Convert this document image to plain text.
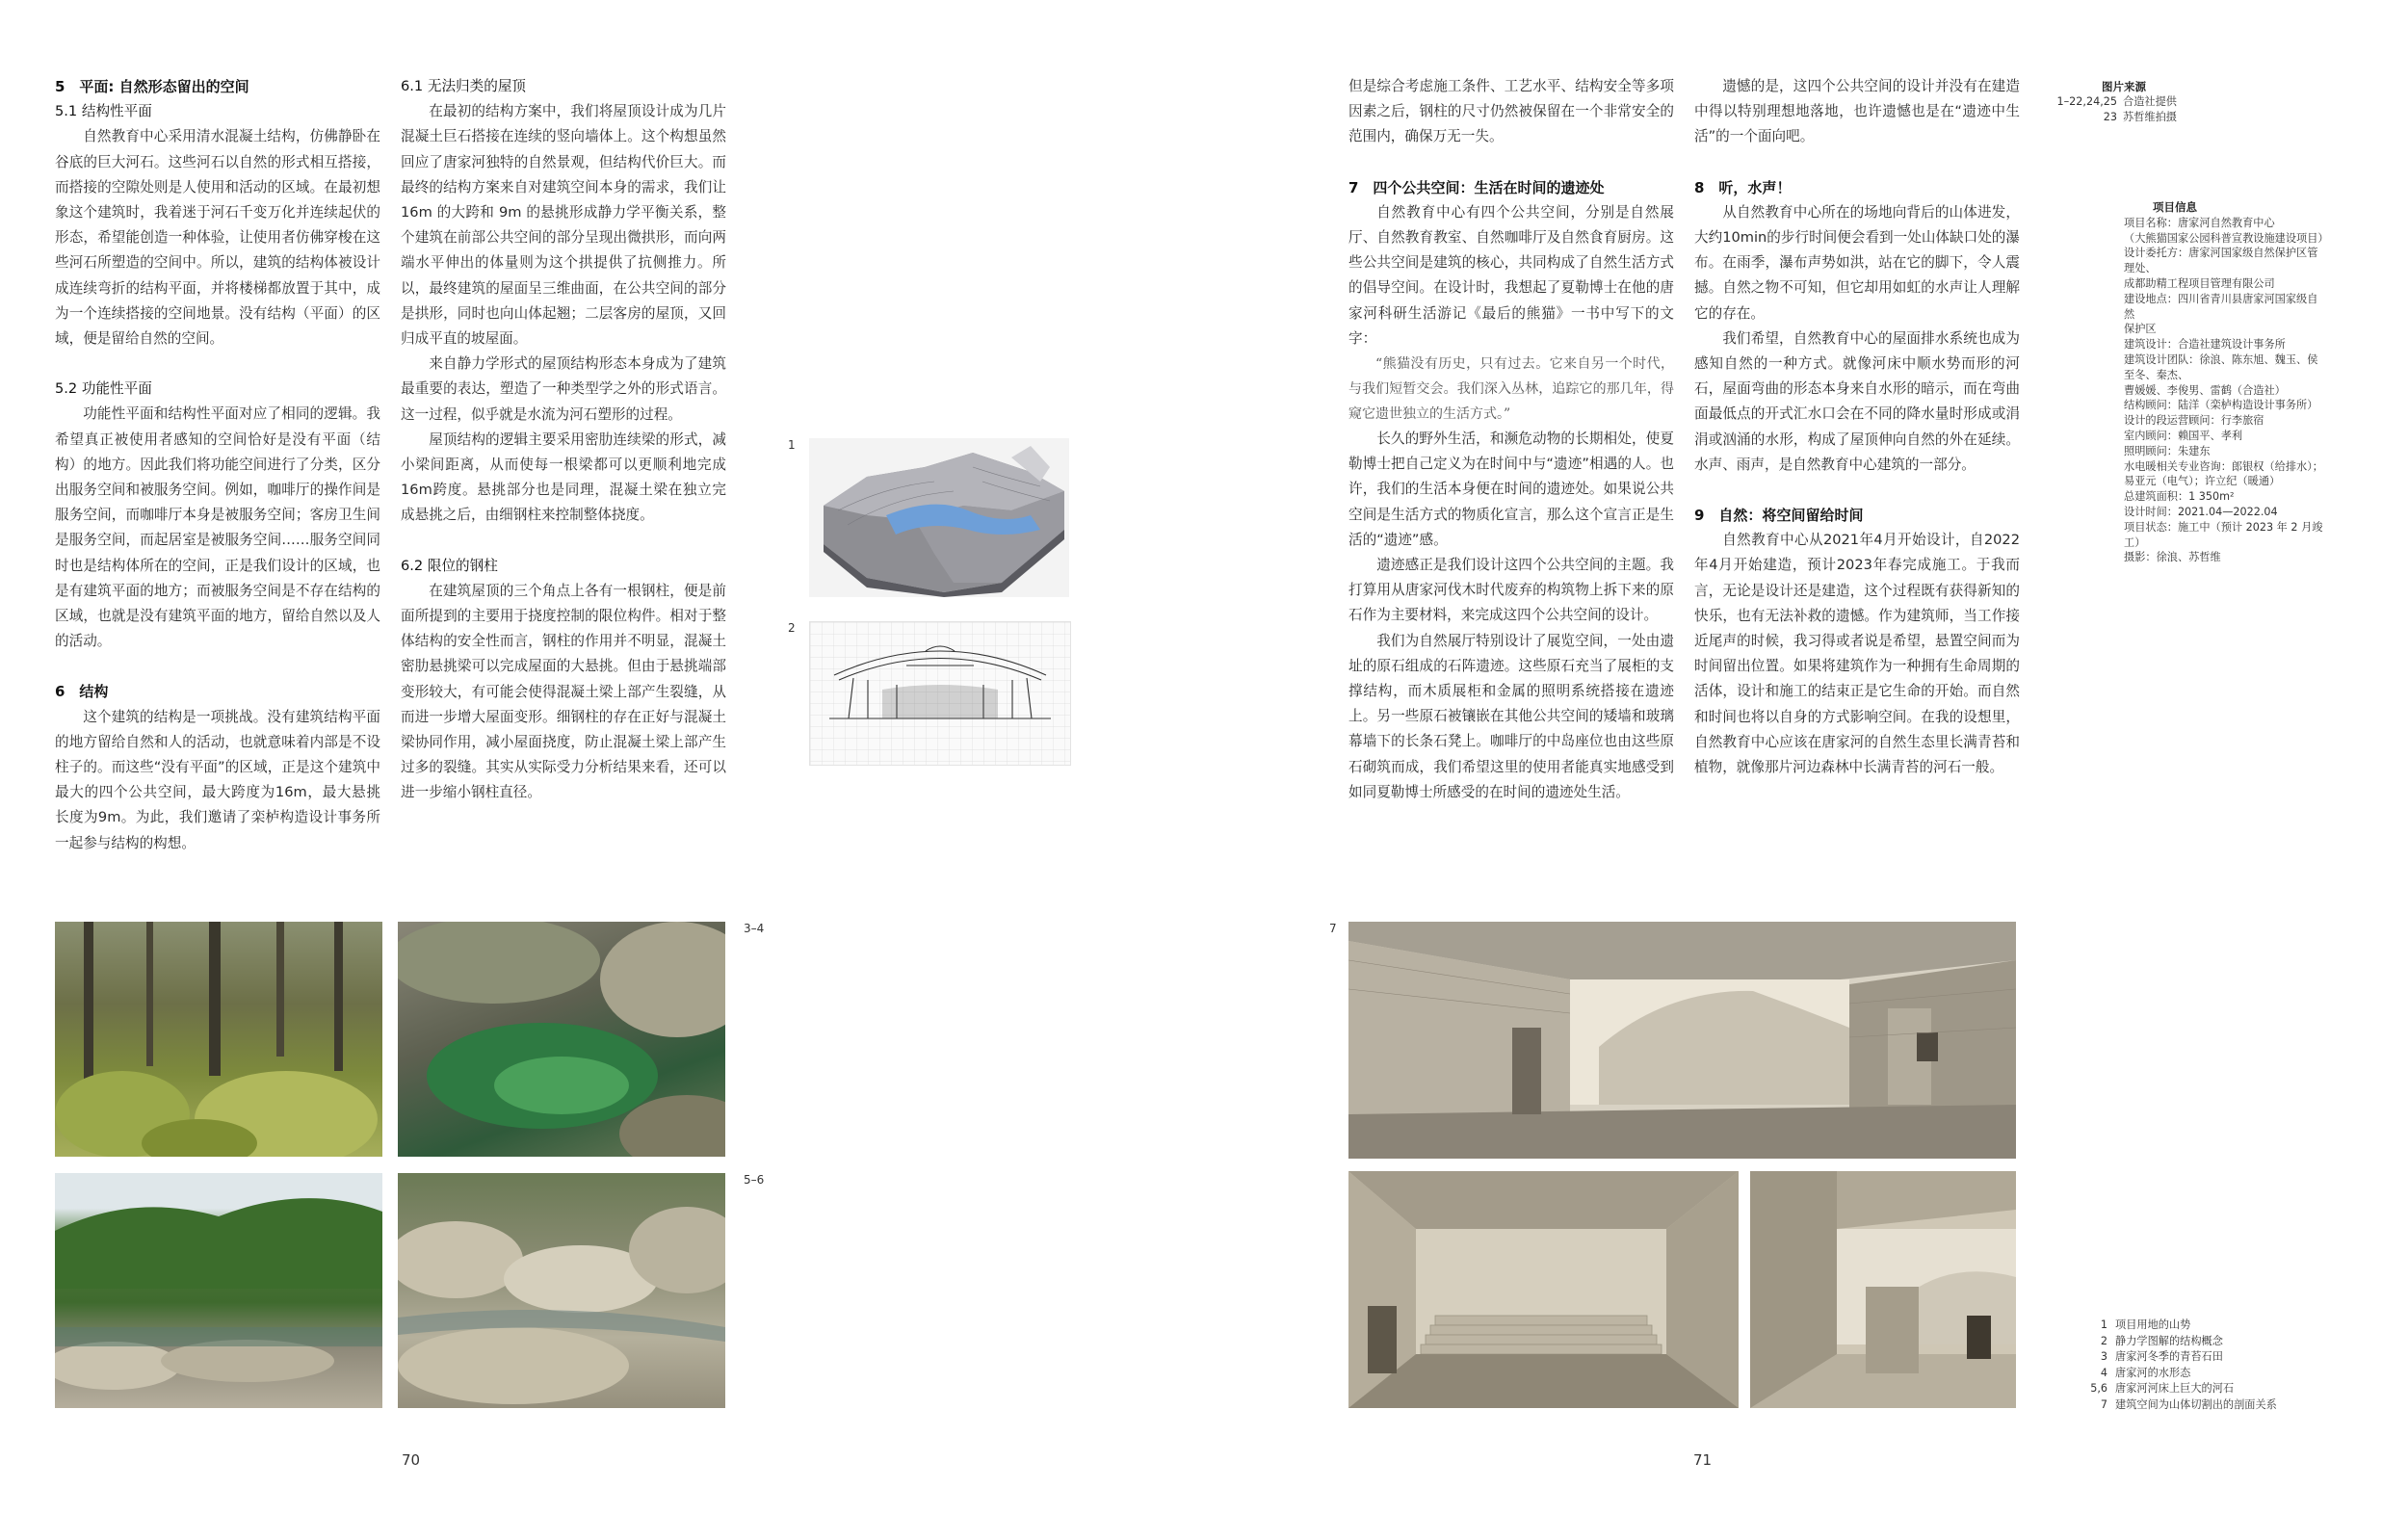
5　平面: 自然形态留出的空间
5.1 结构性平面

自然教育中心采用清水混凝土结构，仿佛静卧在谷底的巨大河石。这些河石以自然的形式相互搭接，而搭接的空隙处则是人使用和活动的区域。在最初想象这个建筑时，我着迷于河石千变万化并连续起伏的形态，希望能创造一种体验，让使用者仿佛穿梭在这些河石所塑造的空间中。所以，建筑的结构体被设计成连续弯折的结构平面，并将楼梯都放置于其中，成为一个连续搭接的空间地景。没有结构（平面）的区域，便是留给自然的空间。

5.2 功能性平面

功能性平面和结构性平面对应了相同的逻辑。我希望真正被使用者感知的空间恰好是没有平面（结构）的地方。因此我们将功能空间进行了分类，区分出服务空间和被服务空间。例如，咖啡厅的操作间是服务空间，而咖啡厅本身是被服务空间；客房卫生间是服务空间，而起居室是被服务空间……服务空间同时也是结构体所在的空间，正是我们设计的区域，也是有建筑平面的地方；而被服务空间是不存在结构的区域，也就是没有建筑平面的地方，留给自然以及人的活动。

6　结构

这个建筑的结构是一项挑战。没有建筑结构平面的地方留给自然和人的活动，也就意味着内部是不设柱子的。而这些“没有平面”的区域，正是这个建筑中最大的四个公共空间，最大跨度为16m，最大悬挑长度为9m。为此，我们邀请了栾栌构造设计事务所一起参与结构的构想。

6.1 无法归类的屋顶

在最初的结构方案中，我们将屋顶设计成为几片混凝土巨石搭接在连续的竖向墙体上。这个构想虽然回应了唐家河独特的自然景观，但结构代价巨大。而最终的结构方案来自对建筑空间本身的需求，我们让 16m 的大跨和 9m 的悬挑形成静力学平衡关系，整个建筑在前部公共空间的部分呈现出微拱形，而向两端水平伸出的体量则为这个拱提供了抗侧推力。所以，最终建筑的屋面呈三维曲面，在公共空间的部分是拱形，同时也向山体起翘；二层客房的屋顶，又回归成平直的坡屋面。

来自静力学形式的屋顶结构形态本身成为了建筑最重要的表达，塑造了一种类型学之外的形式语言。这一过程，似乎就是水流为河石塑形的过程。

屋顶结构的逻辑主要采用密肋连续梁的形式，减小梁间距离，从而使每一根梁都可以更顺利地完成16m跨度。悬挑部分也是同理，混凝土梁在独立完成悬挑之后，由细钢柱来控制整体挠度。

6.2 限位的钢柱

在建筑屋顶的三个角点上各有一根钢柱，便是前面所提到的主要用于挠度控制的限位构件。相对于整体结构的安全性而言，钢柱的作用并不明显，混凝土密肋悬挑梁可以完成屋面的大悬挑。但由于悬挑端部变形较大，有可能会使得混凝土梁上部产生裂缝，从而进一步增大屋面变形。细钢柱的存在正好与混凝土梁协同作用，减小屋面挠度，防止混凝土梁上部产生过多的裂缝。其实从实际受力分析结果来看，还可以进一步缩小钢柱直径。

1
2
3–4
5–6
70

但是综合考虑施工条件、工艺水平、结构安全等多项因素之后，钢柱的尺寸仍然被保留在一个非常安全的范围内，确保万无一失。

7　四个公共空间：生活在时间的遗迹处

自然教育中心有四个公共空间，分别是自然展厅、自然教育教室、自然咖啡厅及自然食育厨房。这些公共空间是建筑的核心，共同构成了自然生活方式的倡导空间。在设计时，我想起了夏勒博士在他的唐家河科研生活游记《最后的熊猫》一书中写下的文字：

“熊猫没有历史，只有过去。它来自另一个时代，与我们短暂交会。我们深入丛林，追踪它的那几年，得窥它遗世独立的生活方式。”

长久的野外生活，和濒危动物的长期相处，使夏勒博士把自己定义为在时间中与“遗迹”相遇的人。也许，我们的生活本身便在时间的遗迹处。如果说公共空间是生活方式的物质化宣言，那么这个宣言正是生活的“遗迹”感。

遗迹感正是我们设计这四个公共空间的主题。我打算用从唐家河伐木时代废弃的构筑物上拆下来的原石作为主要材料，来完成这四个公共空间的设计。

我们为自然展厅特别设计了展览空间，一处由遗址的原石组成的石阵遗迹。这些原石充当了展柜的支撑结构，而木质展柜和金属的照明系统搭接在遗迹上。另一些原石被镶嵌在其他公共空间的矮墙和玻璃幕墙下的长条石凳上。咖啡厅的中岛座位也由这些原石砌筑而成，我们希望这里的使用者能真实地感受到如同夏勒博士所感受的在时间的遗迹处生活。

遗憾的是，这四个公共空间的设计并没有在建造中得以特别理想地落地，也许遗憾也是在“遗迹中生活”的一个面向吧。

8　听，水声！

从自然教育中心所在的场地向背后的山体进发，大约10min的步行时间便会看到一处山体缺口处的瀑布。在雨季，瀑布声势如洪，站在它的脚下，令人震撼。自然之物不可知，但它却用如虹的水声让人理解它的存在。

我们希望，自然教育中心的屋面排水系统也成为感知自然的一种方式。就像河床中顺水势而形的河石，屋面弯曲的形态本身来自水形的暗示，而在弯曲面最低点的开式汇水口会在不同的降水量时形成或涓涓或汹涌的水形，构成了屋顶伸向自然的外在延续。水声、雨声，是自然教育中心建筑的一部分。

9　自然：将空间留给时间

自然教育中心从2021年4月开始设计，自2022年4月开始建造，预计2023年春完成施工。于我而言，无论是设计还是建造，这个过程既有获得新知的快乐，也有无法补救的遗憾。作为建筑师，当工作接近尾声的时候，我习得或者说是希望，悬置空间而为时间留出位置。如果将建筑作为一种拥有生命周期的活体，设计和施工的结束正是它生命的开始。而自然和时间也将以自身的方式影响空间。在我的设想里，自然教育中心应该在唐家河的自然生态里长满青苔和植物，就像那片河边森林中长满青苔的河石一般。

图片来源
1–22,24,25 合造社提供
23 苏哲维拍摄
项目信息
项目名称：唐家河自然教育中心
（大熊猫国家公园科普宣教设施建设项目）
设计委托方：唐家河国家级自然保护区管理处、
成都助精工程项目管理有限公司
建设地点：四川省青川县唐家河国家级自然
保护区
建筑设计：合造社建筑设计事务所
建筑设计团队：徐浪、陈东旭、魏玉、侯至冬、秦杰、
曹媛媛、李俊男、雷鹤（合造社）
结构顾问：陆洋（栾栌构造设计事务所）
设计的段运营顾问：行李旅宿
室内顾问：赖国平、孝利
照明顾问：朱建东
水电暖相关专业咨询：郎银权（给排水）；
易亚元（电气）；许立纪（暖通）
总建筑面积：1 350m²
设计时间：2021.04—2022.04
项目状态：施工中（预计 2023 年 2 月竣工）
摄影：徐浪、苏哲维
7
1 项目用地的山势
2 静力学图解的结构概念
3 唐家河冬季的青苔石田
4 唐家河的水形态
5,6 唐家河河床上巨大的河石
7 建筑空间为山体切割出的剖面关系
71
